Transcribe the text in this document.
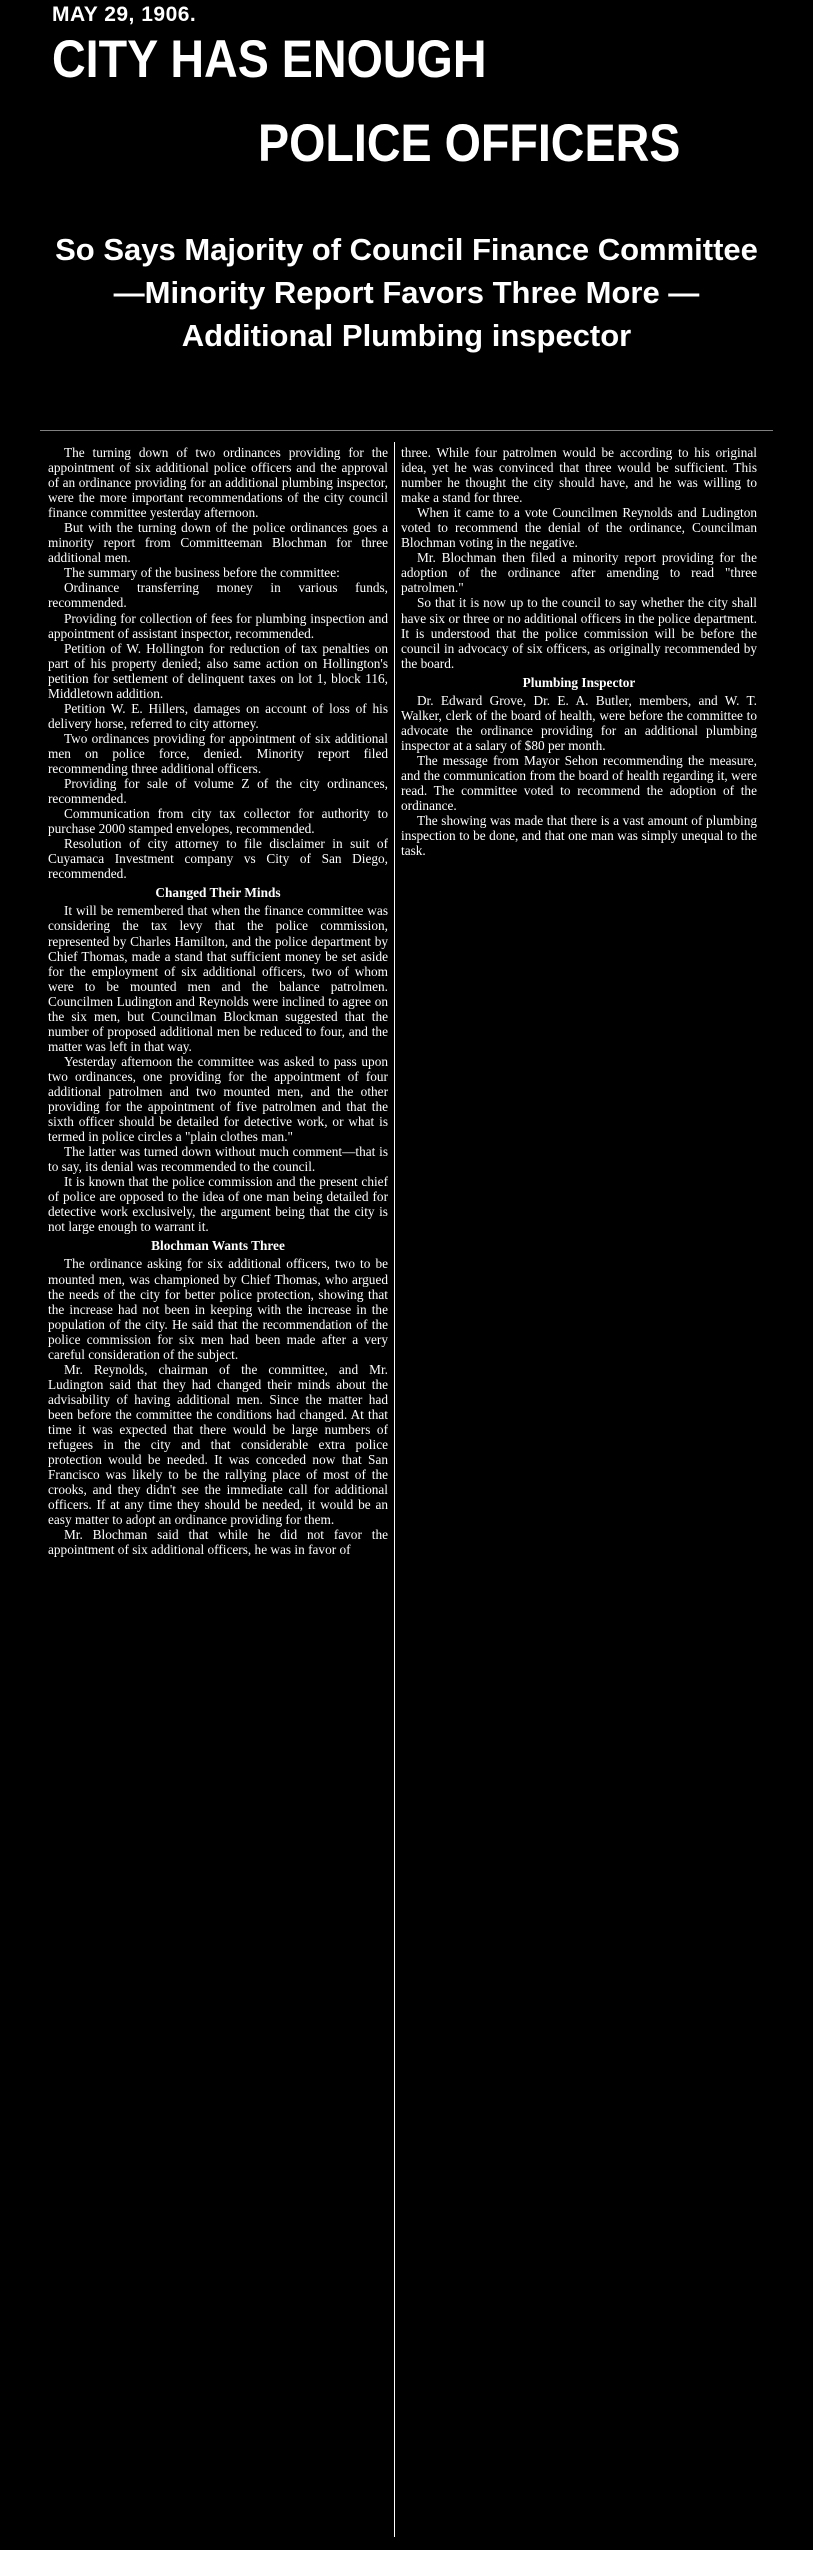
MAY 29, 1906.
CITY HAS ENOUGH
POLICE OFFICERS
So Says Majority of Council Finance Committee—Minority Report Favors Three More —Additional Plumbing inspector

The turning down of two ordinances providing for the appointment of six additional police officers and the approval of an ordinance providing for an additional plumbing inspector, were the more important recommendations of the city council finance committee yesterday afternoon.

But with the turning down of the police ordinances goes a minority report from Committeeman Blochman for three additional men.

The summary of the business before the committee:

Ordinance transferring money in various funds, recommended.

Providing for collection of fees for plumbing inspection and appointment of assistant inspector, recommended.

Petition of W. Hollington for reduction of tax penalties on part of his property denied; also same action on Hollington's petition for settlement of delinquent taxes on lot 1, block 116, Middletown addition.

Petition W. E. Hillers, damages on account of loss of his delivery horse, referred to city attorney.

Two ordinances providing for appointment of six additional men on police force, denied. Minority report filed recommending three additional officers.

Providing for sale of volume Z of the city ordinances, recommended.

Communication from city tax collector for authority to purchase 2000 stamped envelopes, recommended.

Resolution of city attorney to file disclaimer in suit of Cuyamaca Investment company vs City of San Diego, recommended.

Changed Their Minds

It will be remembered that when the finance committee was considering the tax levy that the police commission, represented by Charles Hamilton, and the police department by Chief Thomas, made a stand that sufficient money be set aside for the employment of six additional officers, two of whom were to be mounted men and the balance patrolmen. Councilmen Ludington and Reynolds were inclined to agree on the six men, but Councilman Blockman suggested that the number of proposed additional men be reduced to four, and the matter was left in that way.

Yesterday afternoon the committee was asked to pass upon two ordinances, one providing for the appointment of four additional patrolmen and two mounted men, and the other providing for the appointment of five patrolmen and that the sixth officer should be detailed for detective work, or what is termed in police circles a "plain clothes man."

The latter was turned down without much comment—that is to say, its denial was recommended to the council.

It is known that the police commission and the present chief of police are opposed to the idea of one man being detailed for detective work exclusively, the argument being that the city is not large enough to warrant it.

Blochman Wants Three

The ordinance asking for six additional officers, two to be mounted men, was championed by Chief Thomas, who argued the needs of the city for better police protection, showing that the increase had not been in keeping with the increase in the population of the city. He said that the recommendation of the police commission for six men had been made after a very careful consideration of the subject.

Mr. Reynolds, chairman of the committee, and Mr. Ludington said that they had changed their minds about the advisability of having additional men. Since the matter had been before the committee the conditions had changed. At that time it was expected that there would be large numbers of refugees in the city and that considerable extra police protection would be needed. It was conceded now that San Francisco was likely to be the rallying place of most of the crooks, and they didn't see the immediate call for additional officers. If at any time they should be needed, it would be an easy matter to adopt an ordinance providing for them.

Mr. Blochman said that while he did not favor the appointment of six additional officers, he was in favor of

three. While four patrolmen would be according to his original idea, yet he was convinced that three would be sufficient. This number he thought the city should have, and he was willing to make a stand for three.

When it came to a vote Councilmen Reynolds and Ludington voted to recommend the denial of the ordinance, Councilman Blochman voting in the negative.

Mr. Blochman then filed a minority report providing for the adoption of the ordinance after amending to read "three patrolmen."

So that it is now up to the council to say whether the city shall have six or three or no additional officers in the police department. It is understood that the police commission will be before the council in advocacy of six officers, as originally recommended by the board.

Plumbing Inspector

Dr. Edward Grove, Dr. E. A. Butler, members, and W. T. Walker, clerk of the board of health, were before the committee to advocate the ordinance providing for an additional plumbing inspector at a salary of $80 per month.

The message from Mayor Sehon recommending the measure, and the communication from the board of health regarding it, were read. The committee voted to recommend the adoption of the ordinance.

The showing was made that there is a vast amount of plumbing inspection to be done, and that one man was simply unequal to the task.
